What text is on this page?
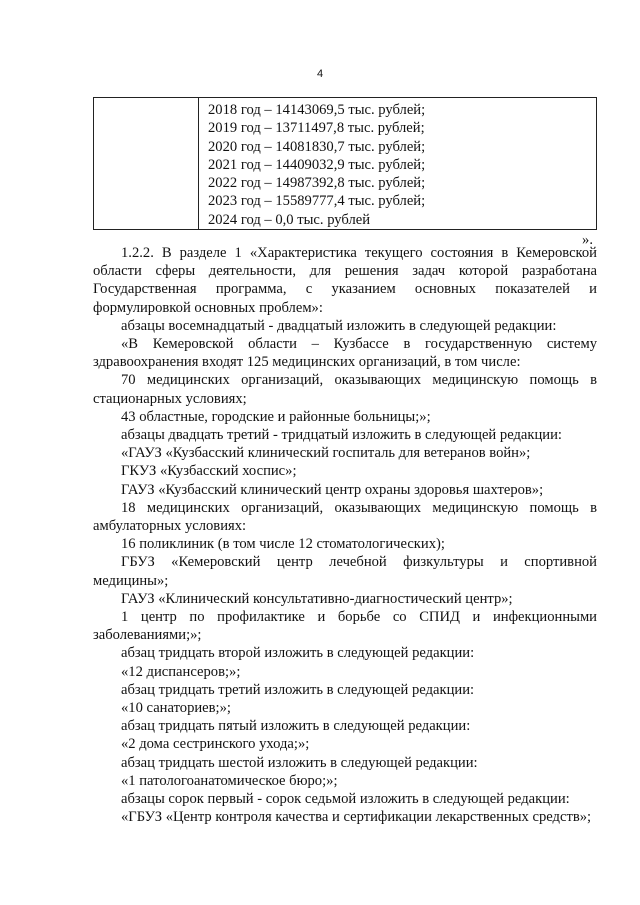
4

2018 год – 14143069,5 тыс. рублей;
2019 год – 13711497,8 тыс. рублей;
2020 год – 14081830,7 тыс. рублей;
2021 год – 14409032,9 тыс. рублей;
2022 год – 14987392,8 тыс. рублей;
2023 год – 15589777,4 тыс. рублей;
2024 год – 0,0 тыс. рублей
».

1.2.2. В разделе 1 «Характеристика текущего состояния в Кемеровской области сферы деятельности, для решения задач которой разработана Государственная программа, с указанием основных показателей и формулировкой основных проблем»:

абзацы восемнадцатый - двадцатый изложить в следующей редакции:

«В Кемеровской области – Кузбассе в государственную систему здравоохранения входят 125 медицинских организаций, в том числе:

70 медицинских организаций, оказывающих медицинскую помощь в стационарных условиях;

43 областные, городские и районные больницы;»;

абзацы двадцать третий - тридцатый изложить в следующей редакции:

«ГАУЗ «Кузбасский клинический госпиталь для ветеранов войн»;

ГКУЗ «Кузбасский хоспис»;

ГАУЗ «Кузбасский клинический центр охраны здоровья шахтеров»;

18 медицинских организаций, оказывающих медицинскую помощь в амбулаторных условиях:

16 поликлиник (в том числе 12 стоматологических);

ГБУЗ «Кемеровский центр лечебной физкультуры и спортивной медицины»;

ГАУЗ «Клинический консультативно-диагностический центр»;

1 центр по профилактике и борьбе со СПИД и инфекционными заболеваниями;»;

абзац тридцать второй изложить в следующей редакции:

«12 диспансеров;»;

абзац тридцать третий изложить в следующей редакции:

«10 санаториев;»;

абзац тридцать пятый изложить в следующей редакции:

«2 дома сестринского ухода;»;

абзац тридцать шестой изложить в следующей редакции:

«1 патологоанатомическое бюро;»;

абзацы сорок первый - сорок седьмой изложить в следующей редакции:

«ГБУЗ «Центр контроля качества и сертификации лекарственных средств»;
